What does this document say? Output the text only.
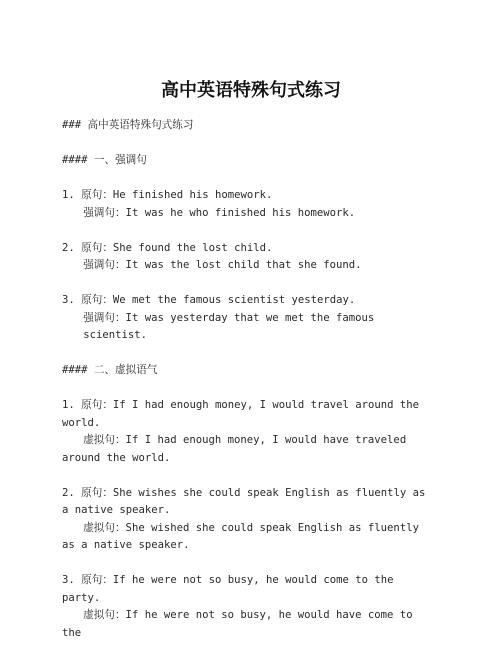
高中英语特殊句式练习

### 高中英语特殊句式练习

#### 一、强调句

1. 原句：He finished his homework.

强调句：It was he who finished his homework.

2. 原句：She found the lost child.

强调句：It was the lost child that she found.

3. 原句：We met the famous scientist yesterday.

强调句：It was yesterday that we met the famous scientist.

#### 二、虚拟语气

1. 原句：If I had enough money, I would travel around the world.

虚拟句：If I had enough money, I would have traveled around the world.

2. 原句：She wishes she could speak English as fluently as a native speaker.

虚拟句：She wished she could speak English as fluently as a native speaker.

3. 原句：If he were not so busy, he would come to the party.

虚拟句：If he were not so busy, he would have come to the
